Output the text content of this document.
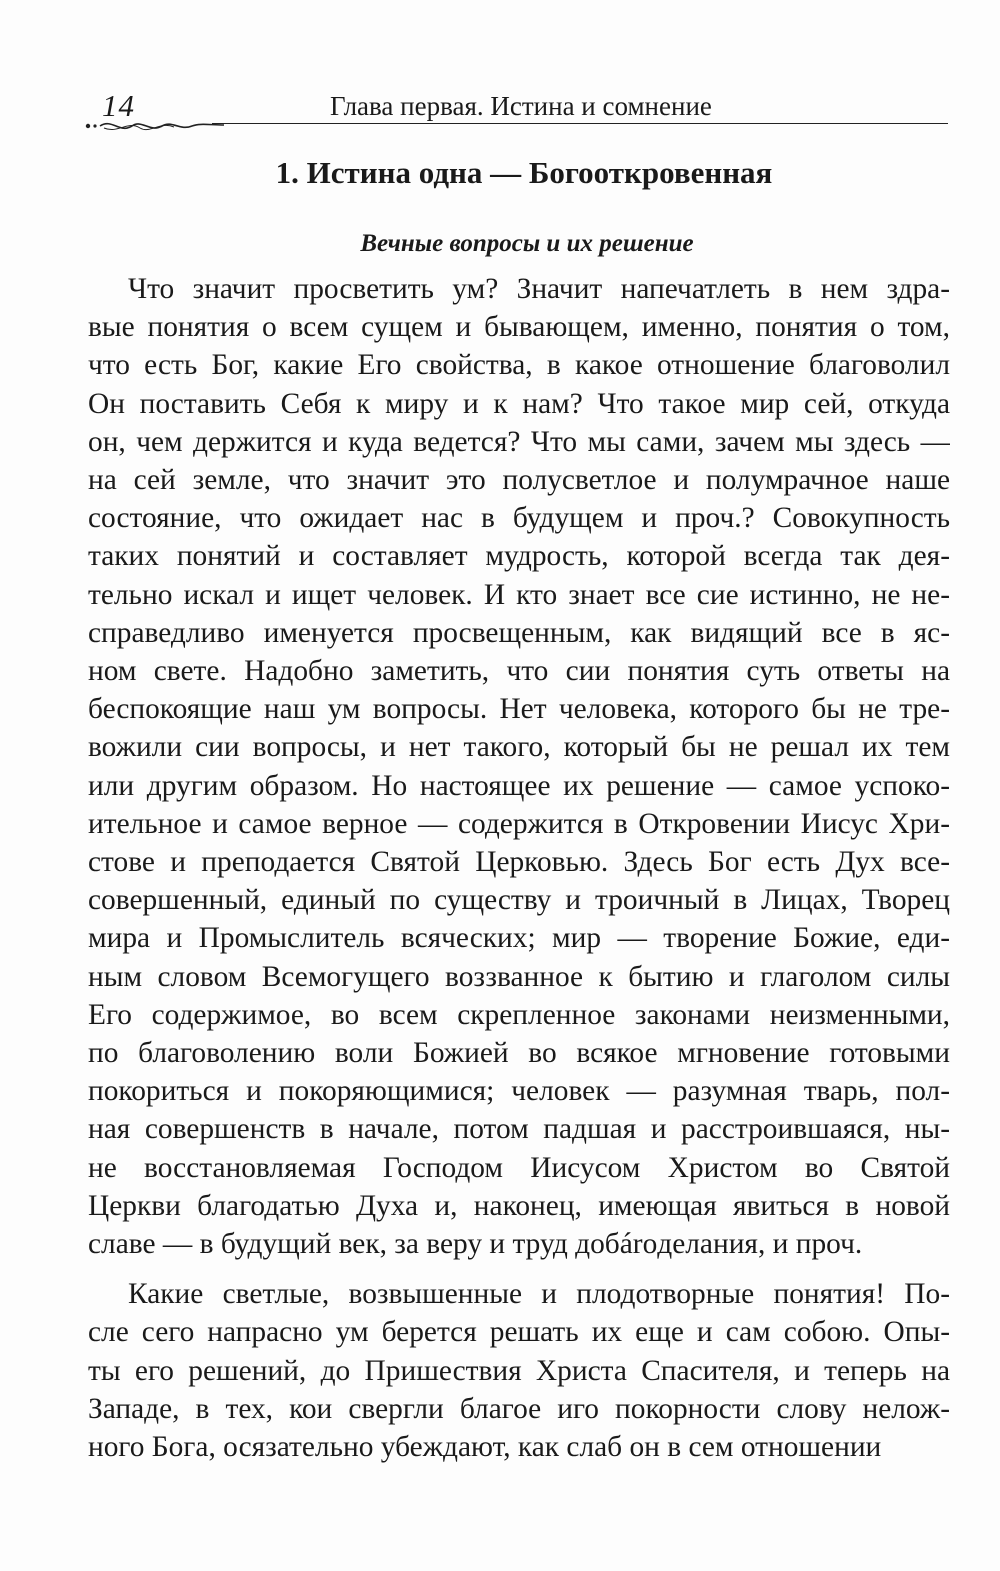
14	Глава первая. Истина и сомнение
1. Истина одна — Богооткровенная
Вечные вопросы и их решение

Что значит просветить ум? Значит напечатлеть в нем здра-
вые понятия о всем сущем и бывающем, именно, понятия о том,
что есть Бог, какие Его свойства, в какое отношение благоволил
Он поставить Себя к миру и к нам? Что такое мир сей, откуда
он, чем держится и куда ведется? Что мы сами, зачем мы здесь —
на сей земле, что значит это полусветлое и полумрачное наше
состояние, что ожидает нас в будущем и проч.? Совокупность
таких понятий и составляет мудрость, которой всегда так дея-
тельно искал и ищет человек. И кто знает все сие истинно, не не-
справедливо именуется просвещенным, как видящий все в яс-
ном свете. Надобно заметить, что сии понятия суть ответы на
беспокоящие наш ум вопросы. Нет человека, которого бы не тре-
вожили сии вопросы, и нет такого, который бы не решал их тем
или другим образом. Но настоящее их решение — самое успоко-
ительное и самое верное — содержится в Откровении Иисус Хри-
стове и преподается Святой Церковью. Здесь Бог есть Дух все-
совершенный, единый по существу и троичный в Лицах, Творец
мира и Промыслитель всяческих; мир — творение Божие, еди-
ным словом Всемогущего воззванное к бытию и глаголом силы
Его содержимое, во всем скрепленное законами неизменными,
по благоволению воли Божией во всякое мгновение готовыми
покориться и покоряющимися; человек — разумная тварь, пол-
ная совершенств в начале, потом падшая и расстроившаяся, ны-
не восстановляемая Господом Иисусом Христом во Святой
Церкви благодатью Духа и, наконец, имеющая явиться в новой
славе — в будущий век, за веру и труд добároделания, и проч.

Какие светлые, возвышенные и плодотворные понятия! По-
сле сего напрасно ум берется решать их еще и сам собою. Опы-
ты его решений, до Пришествия Христа Спасителя, и теперь на
Западе, в тех, кои свергли благое иго покорности слову нелож-
ного Бога, осязательно убеждают, как слаб он в сем отношении
